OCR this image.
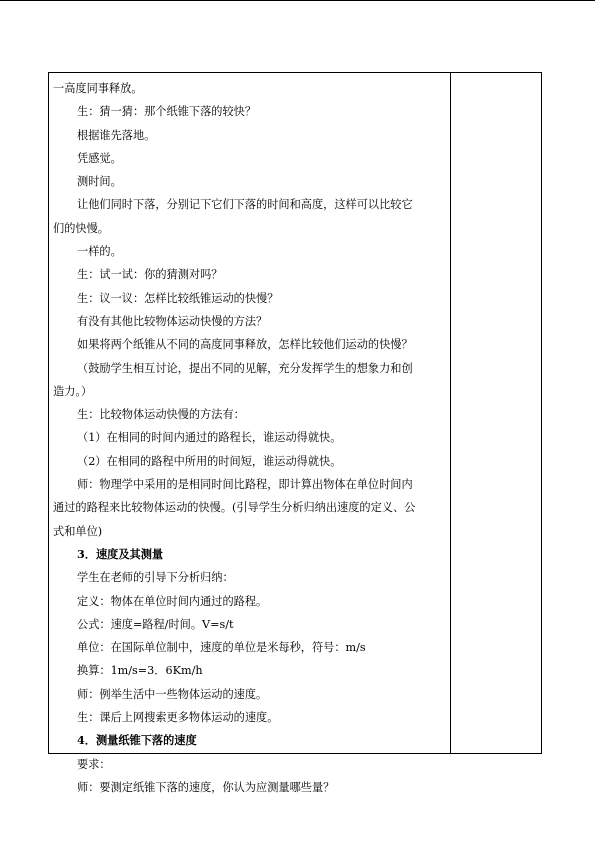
一高度同事释放。
生：猜一猜：那个纸锥下落的较快？
根据谁先落地。
凭感觉。
测时间。
让他们同时下落，分别记下它们下落的时间和高度，这样可以比较它
们的快慢。
一样的。
生：试一试：你的猜测对吗？
生：议一议：怎样比较纸锥运动的快慢？
有没有其他比较物体运动快慢的方法？
如果将两个纸锥从不同的高度同事释放，怎样比较他们运动的快慢？
（鼓励学生相互讨论，提出不同的见解，充分发挥学生的想象力和创
造力。）
生：比较物体运动快慢的方法有：
（1）在相同的时间内通过的路程长，谁运动得就快。
（2）在相同的路程中所用的时间短，谁运动得就快。
师：物理学中采用的是相同时间比路程，即计算出物体在单位时间内
通过的路程来比较物体运动的快慢。(引导学生分析归纳出速度的定义、公
式和单位)
3．速度及其测量
学生在老师的引导下分析归纳：
定义：物体在单位时间内通过的路程。
公式：速度=路程/时间。V=s/t
单位：在国际单位制中，速度的单位是米每秒，符号：m/s
换算：1m/s=3．6Km/h
师：例举生活中一些物体运动的速度。
生：课后上网搜索更多物体运动的速度。
4．测量纸锥下落的速度
要求：
师：要测定纸锥下落的速度，你认为应测量哪些量？
